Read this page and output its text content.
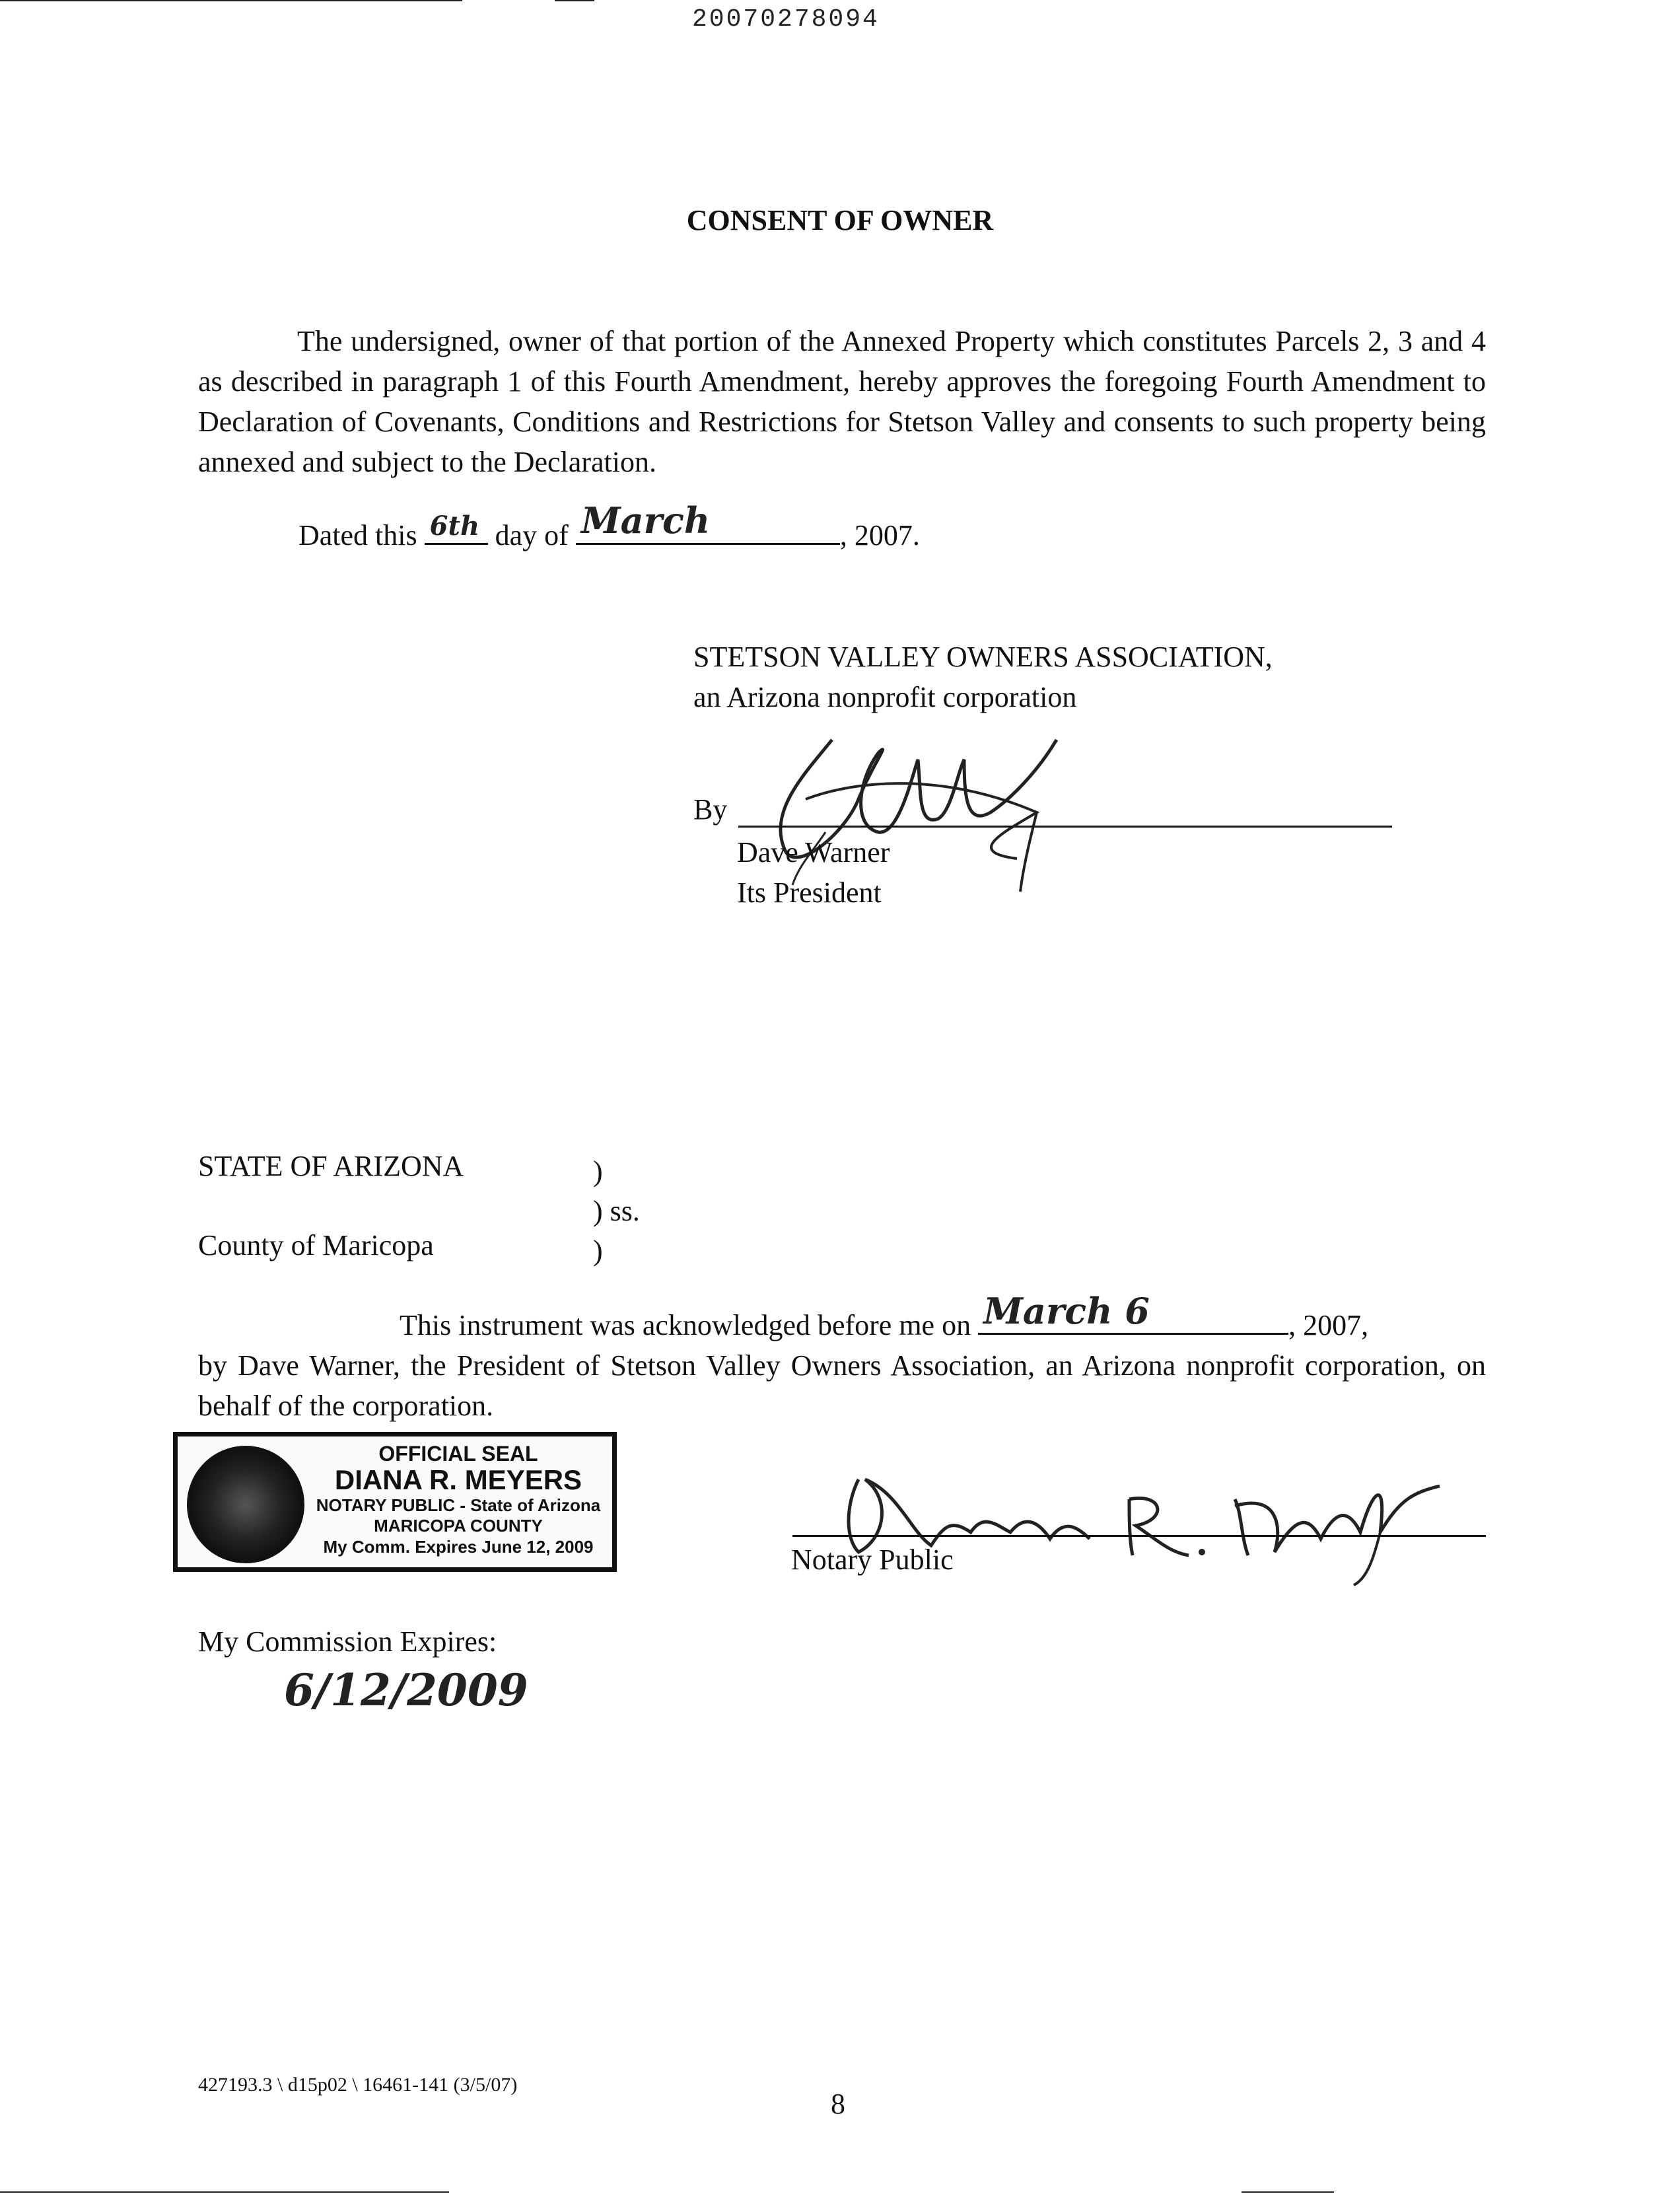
20070278094
CONSENT OF OWNER
The undersigned, owner of that portion of the Annexed Property which constitutes Parcels 2, 3 and 4 as described in paragraph 1 of this Fourth Amendment, hereby approves the foregoing Fourth Amendment to Declaration of Covenants, Conditions and Restrictions for Stetson Valley and consents to such property being annexed and subject to the Declaration.
Dated this 6th day of March	, 2007.
STETSON VALLEY OWNERS ASSOCIATION,
an Arizona nonprofit corporation
By
Dave Warner
Its President
STATE OF ARIZONA
County of Maricopa
)
) ss.
)
This instrument was acknowledged before me on March 6	, 2007,
by Dave Warner, the President of Stetson Valley Owners Association, an Arizona nonprofit corporation, on behalf of the corporation.
OFFICIAL SEAL
DIANA R. MEYERS
NOTARY PUBLIC - State of Arizona
MARICOPA COUNTY
My Comm. Expires June 12, 2009	Notary Public
My Commission Expires:
6/12/2009
427193.3 \ d15p02 \ 16461-141 (3/5/07)
8
